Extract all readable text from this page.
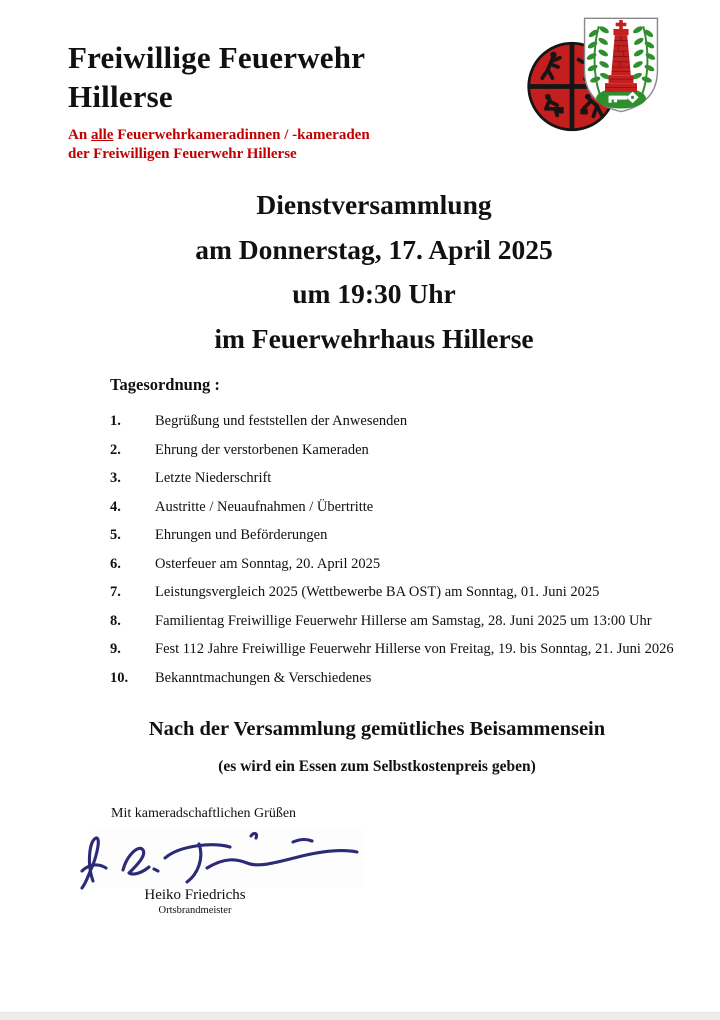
Freiwillige Feuerwehr
Hillerse
An alle Feuerwehrkameradinnen / -kameraden
der Freiwilligen Feuerwehr Hillerse
Dienstversammlung
am Donnerstag, 17. April 2025
um 19:30 Uhr
im Feuerwehrhaus Hillerse
Tagesordnung :
1.	Begrüßung und feststellen der Anwesenden
2.	Ehrung der verstorbenen Kameraden
3.	Letzte Niederschrift
4.	Austritte / Neuaufnahmen / Übertritte
5.	Ehrungen und Beförderungen
6.	Osterfeuer am Sonntag, 20. April 2025
7.	Leistungsvergleich 2025 (Wettbewerbe BA OST) am Sonntag, 01. Juni 2025
8.	Familientag Freiwillige Feuerwehr Hillerse am Samstag, 28. Juni 2025 um 13:00 Uhr
9.	Fest 112 Jahre Freiwillige Feuerwehr Hillerse von Freitag, 19. bis Sonntag, 21. Juni 2026
10.	Bekanntmachungen & Verschiedenes
Nach der Versammlung gemütliches Beisammensein
(es wird ein Essen zum Selbstkostenpreis geben)
Mit kameradschaftlichen Grüßen
Heiko Friedrichs
Ortsbrandmeister
